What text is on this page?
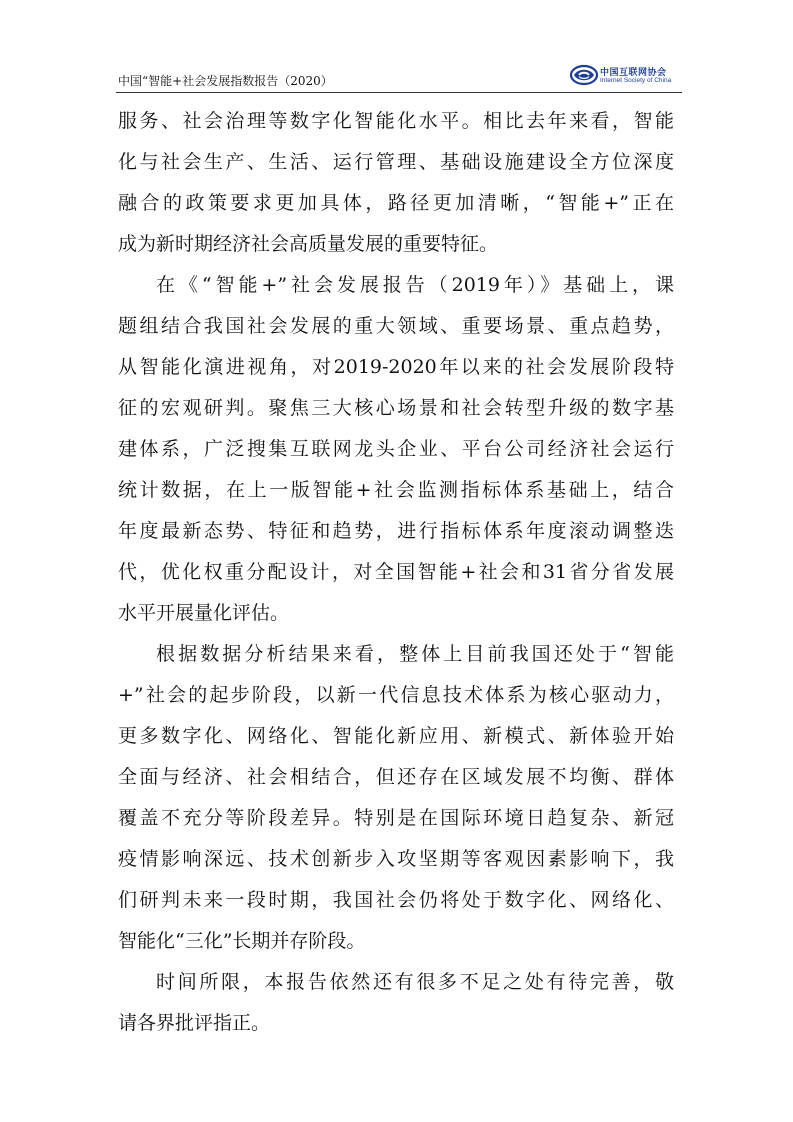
中国“智能+社会发展指数报告（2020）
中国互联网协会
Internet Society of China

服务、社会治理等数字化智能化水平。相比去年来看，智能
化与社会生产、生活、运行管理、基础设施建设全方位深度
融合的政策要求更加具体，路径更加清晰，“智能+”正在
成为新时期经济社会高质量发展的重要特征。

在《“智能+”社会发展报告（2019年）》基础上，课
题组结合我国社会发展的重大领域、重要场景、重点趋势，
从智能化演进视角，对2019-2020年以来的社会发展阶段特
征的宏观研判。聚焦三大核心场景和社会转型升级的数字基
建体系，广泛搜集互联网龙头企业、平台公司经济社会运行
统计数据，在上一版智能+社会监测指标体系基础上，结合
年度最新态势、特征和趋势，进行指标体系年度滚动调整迭
代，优化权重分配设计，对全国智能+社会和31省分省发展
水平开展量化评估。

根据数据分析结果来看，整体上目前我国还处于“智能
+”社会的起步阶段，以新一代信息技术体系为核心驱动力，
更多数字化、网络化、智能化新应用、新模式、新体验开始
全面与经济、社会相结合，但还存在区域发展不均衡、群体
覆盖不充分等阶段差异。特别是在国际环境日趋复杂、新冠
疫情影响深远、技术创新步入攻坚期等客观因素影响下，我
们研判未来一段时期，我国社会仍将处于数字化、网络化、
智能化“三化”长期并存阶段。

时间所限，本报告依然还有很多不足之处有待完善，敬
请各界批评指正。
